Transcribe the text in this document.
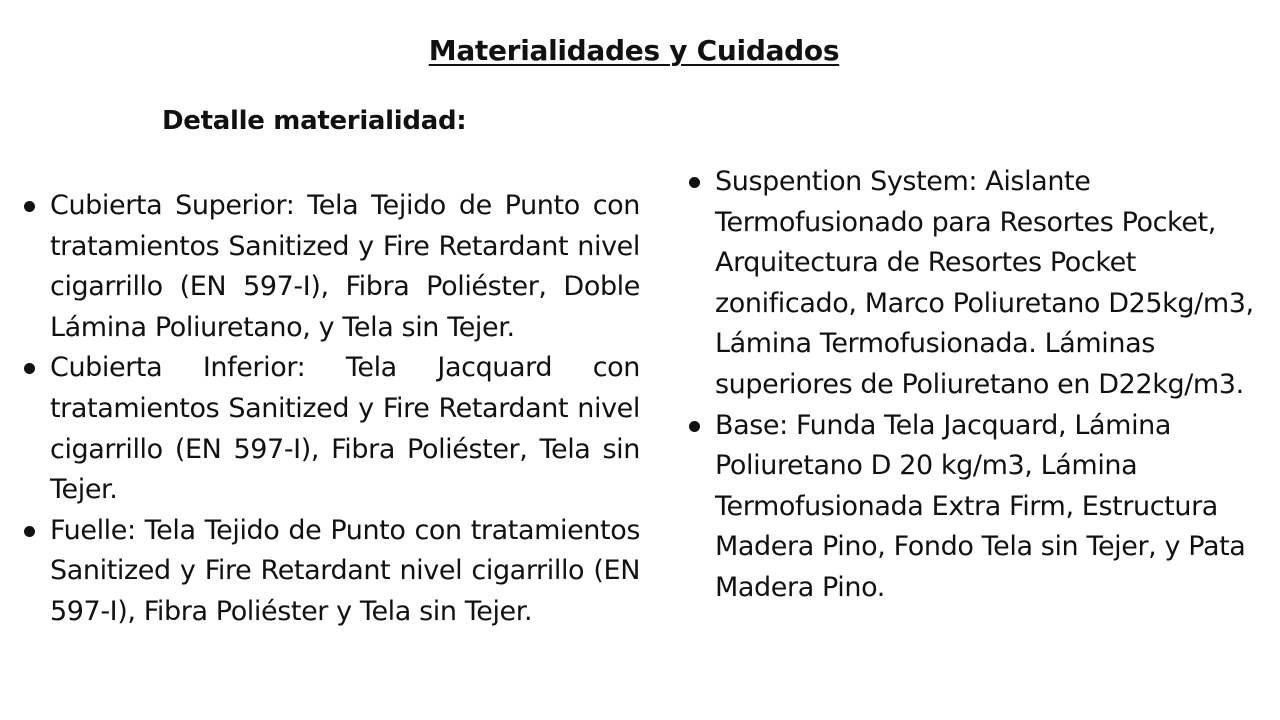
Materialidades y Cuidados
Detalle materialidad:
Cubierta Superior: Tela Tejido de Punto con tratamientos Sanitized y Fire Retardant nivel cigarrillo (EN 597-I), Fibra Poliéster, Doble Lámina Poliuretano, y Tela sin Tejer.
Cubierta Inferior: Tela Jacquard con tratamientos Sanitized y Fire Retardant nivel cigarrillo (EN 597-I), Fibra Poliéster, Tela sin Tejer.
Fuelle: Tela Tejido de Punto con tratamientos Sanitized y Fire Retardant nivel cigarrillo (EN 597-I), Fibra Poliéster y Tela sin Tejer.
Suspention System: Aislante Termofusionado para Resortes Pocket, Arquitectura de Resortes Pocket zonificado, Marco Poliuretano D25kg/m3, Lámina Termofusionada. Láminas superiores de Poliuretano en D22kg/m3.
Base: Funda Tela Jacquard, Lámina Poliuretano D 20 kg/m3, Lámina Termofusionada Extra Firm, Estructura Madera Pino, Fondo Tela sin Tejer, y Pata Madera Pino.
